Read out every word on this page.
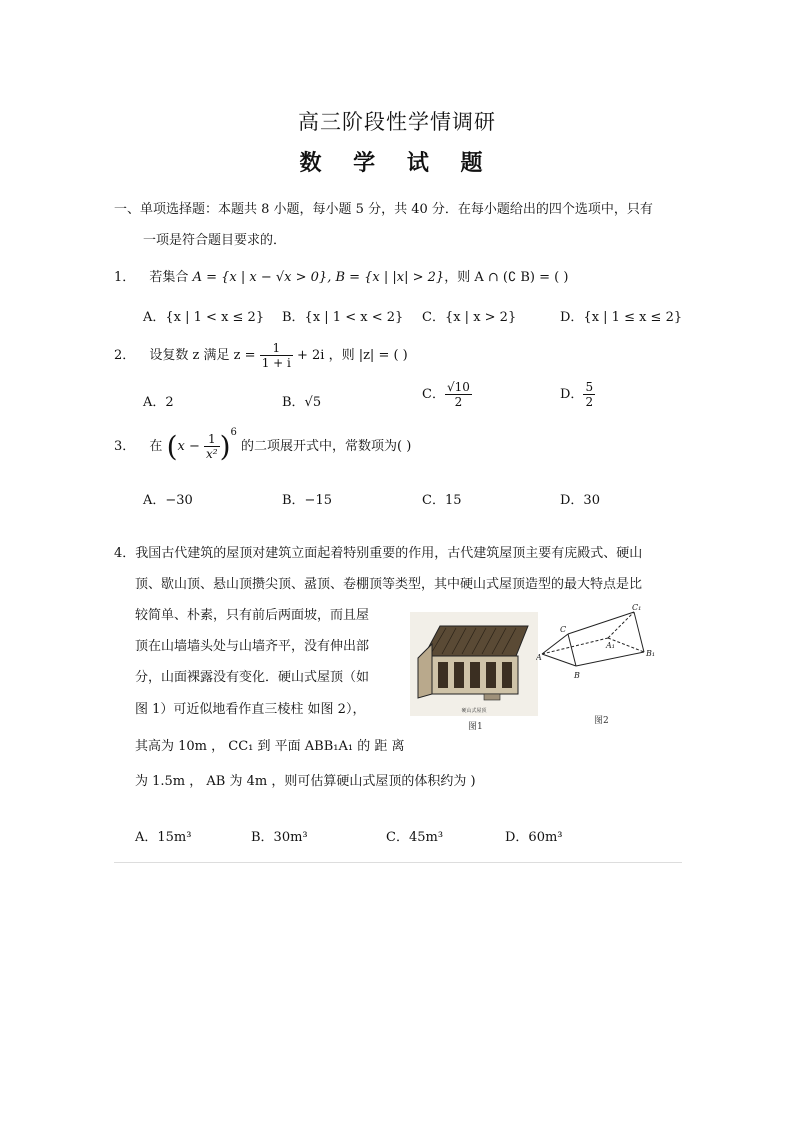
高三阶段性学情调研
数 学 试 题
一、单项选择题：本题共 8 小题，每小题 5 分，共 40 分．在每小题给出的四个选项中，只有
一项是符合题目要求的．
1． 若集合 A = {x | x − √x > 0}, B = {x | |x| > 2}，则 A ∩ (∁ B) = ( )
A．{x | 1 < x ≤ 2} B．{x | 1 < x < 2} C．{x | x > 2}	D．{x | 1 ≤ x ≤ 2}
2． 设复数 z 满足 $z = \frac{1}{1 + i} + 2i$ ，则 |z| = ( )
A．2	B．√5
C． $\frac{√10}{2}$	D． $\frac{5}{2}$
3． 在 $(x - \frac{1}{\text{x²}} )^6$ 的二项展开式中，常数项为( )
A．−30	B．−15	C．15	D．30
4．我国古代建筑的屋顶对建筑立面起着特别重要的作用，古代建筑屋顶主要有庑殿式、硬山
顶、歇山顶、悬山顶攒尖顶、盝顶、卷棚顶等类型，其中硬山式屋顶造型的最大特点是比
较简单、朴素，只有前后两面坡，而且屋
顶在山墙墙头处与山墙齐平，没有伸出部
分，山面裸露没有变化．硬山式屋顶（如
图 1）可近似地看作直三棱柱 如图 2），
其高为 10m ， CC₁ 到 平面 ABB₁A₁ 的 距 离
为 1.5m ， AB 为 4m ，则可估算硬山式屋顶的体积约为 )
硬山式屋顶
图1
A
B
C
A₁
B₁
C₁
图2
A．15m³	B．30m³	C．45m³	D．60m³
